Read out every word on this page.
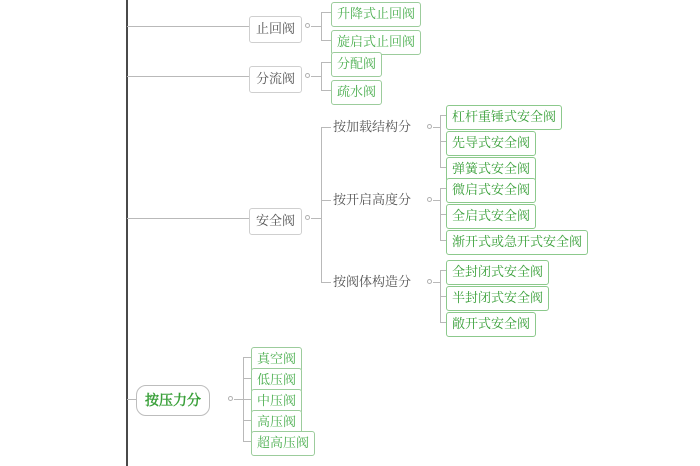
止回阀
升降式止回阀
旋启式止回阀
分流阀
分配阀
疏水阀
安全阀
按加载结构分
杠杆重锤式安全阀
先导式安全阀
弹簧式安全阀
按开启高度分
微启式安全阀
全启式安全阀
渐开式或急开式安全阀
按阀体构造分
全封闭式安全阀
半封闭式安全阀
敞开式安全阀
按压力分
真空阀
低压阀
中压阀
高压阀
超高压阀
